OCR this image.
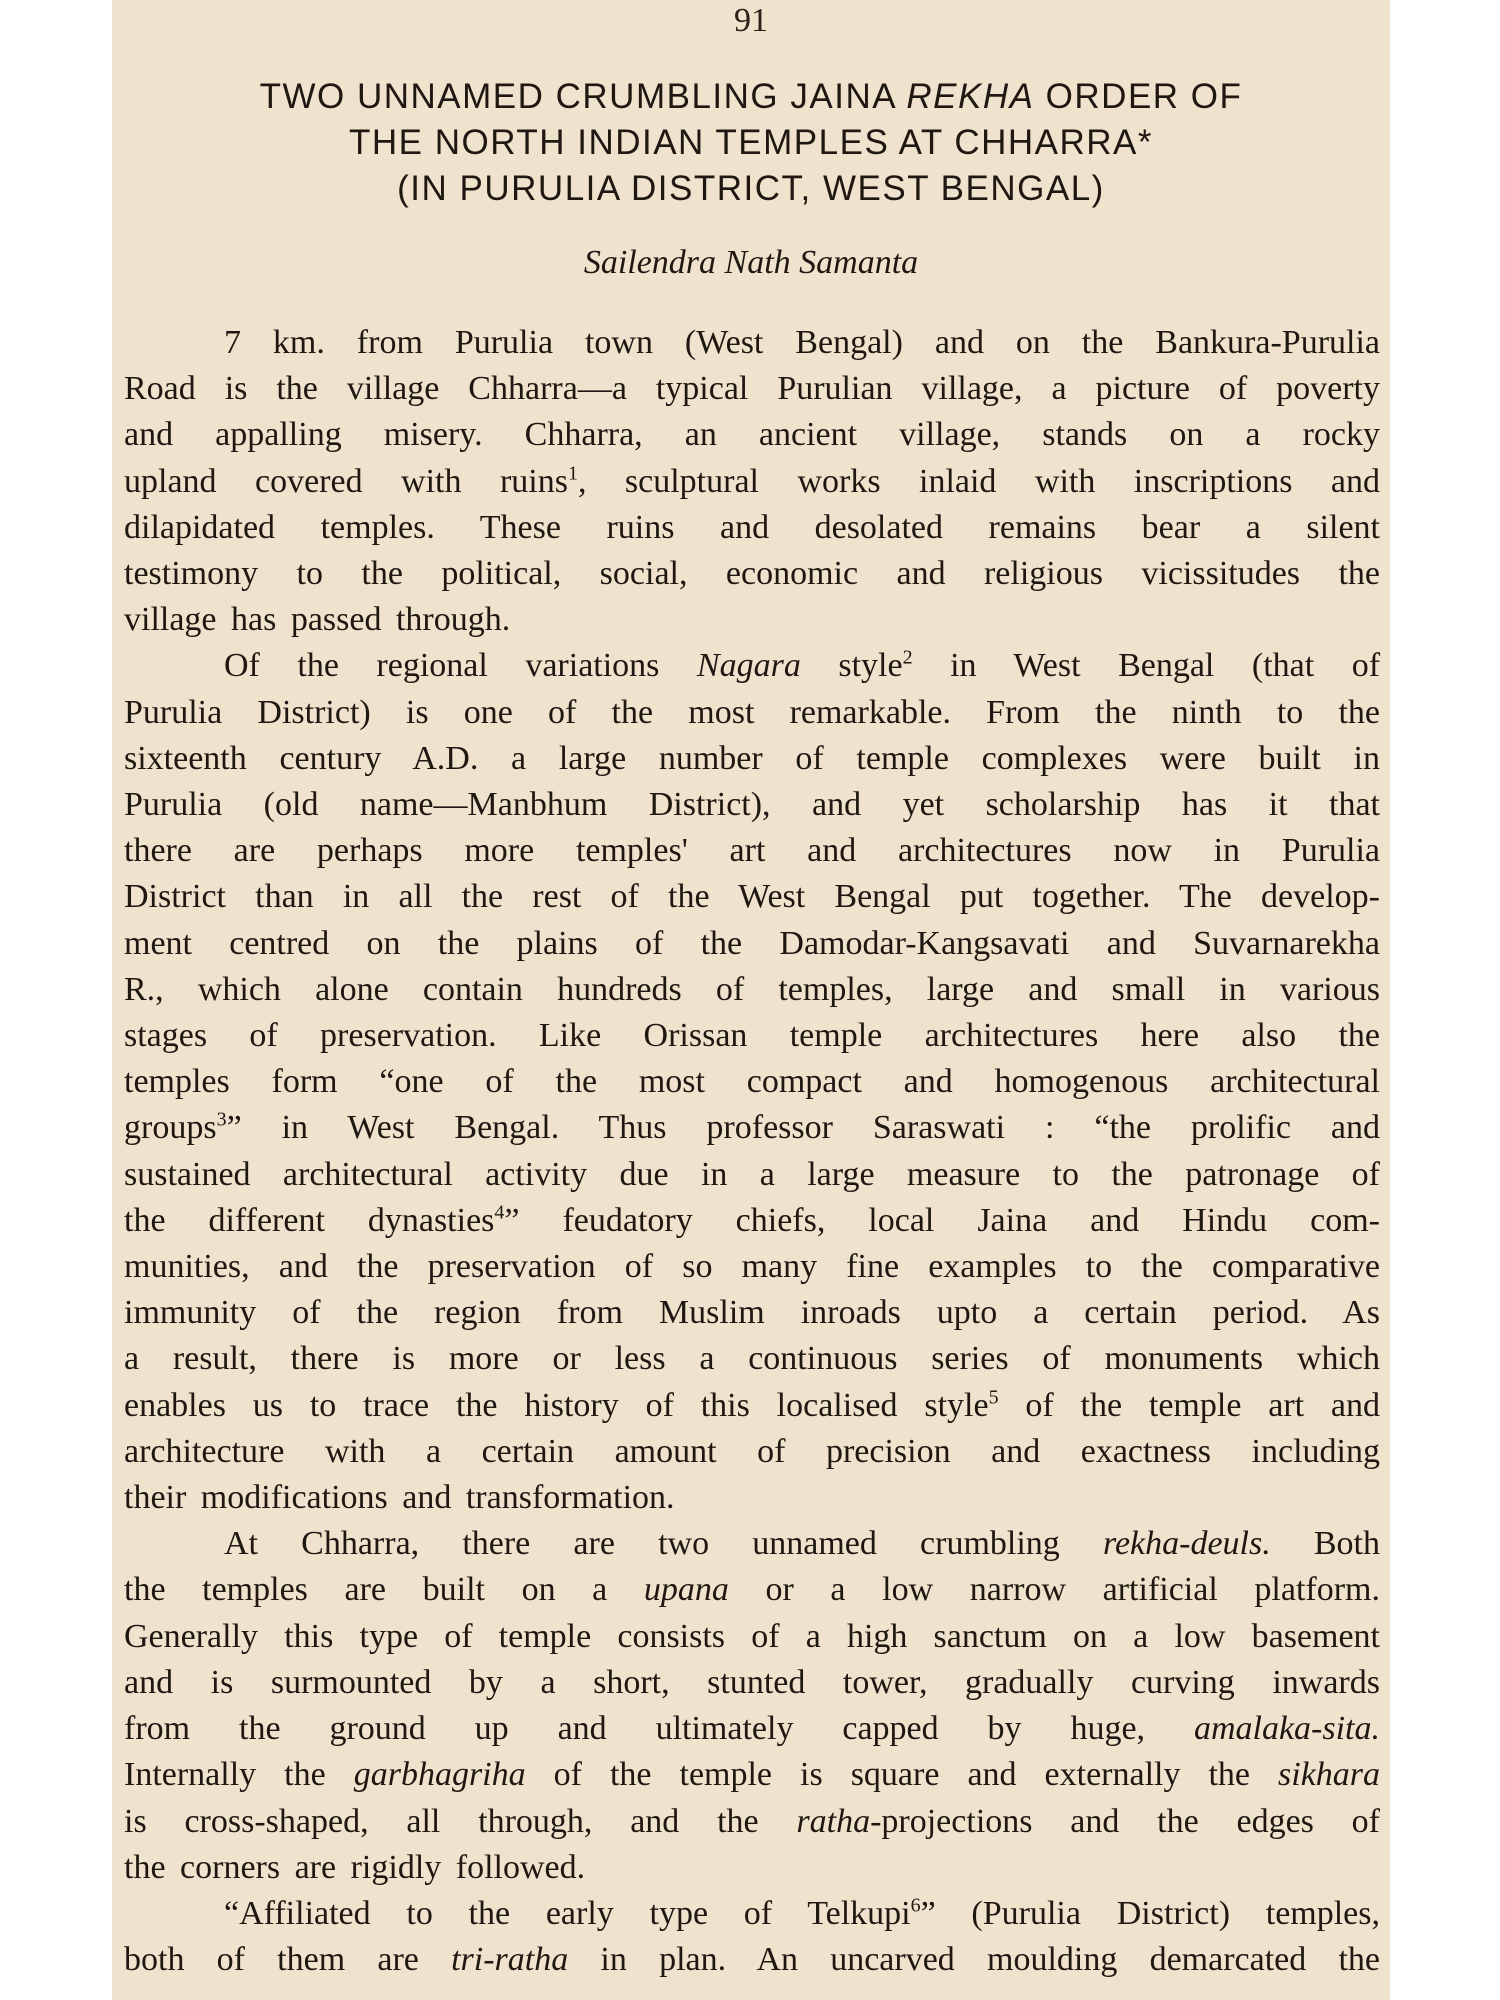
91
TWO UNNAMED CRUMBLING JAINA REKHA ORDER OF
THE NORTH INDIAN TEMPLES AT CHHARRA*
(IN PURULIA DISTRICT, WEST BENGAL)
Sailendra Nath Samanta
7 km. from Purulia town (West Bengal) and on the Bankura-Purulia
Road is the village Chharra—a typical Purulian village, a picture of poverty
and appalling misery. Chharra, an ancient village, stands on a rocky
upland covered with ruins$^1$, sculptural works inlaid with inscriptions and
dilapidated temples. These ruins and desolated remains bear a silent
testimony to the political, social, economic and religious vicissitudes the
village has passed through.
Of the regional variations Nagara style$^2$ in West Bengal (that of
Purulia District) is one of the most remarkable. From the ninth to the
sixteenth century A.D. a large number of temple complexes were built in
Purulia (old name—Manbhum District), and yet scholarship has it that
there are perhaps more temples' art and architectures now in Purulia
District than in all the rest of the West Bengal put together. The develop-
ment centred on the plains of the Damodar-Kangsavati and Suvarnarekha
R., which alone contain hundreds of temples, large and small in various
stages of preservation. Like Orissan temple architectures here also the
temples form “one of the most compact and homogenous architectural
groups$^3$” in West Bengal. Thus professor Saraswati : “the prolific and
sustained architectural activity due in a large measure to the patronage of
the different dynasties$^4$” feudatory chiefs, local Jaina and Hindu com-
munities, and the preservation of so many fine examples to the comparative
immunity of the region from Muslim inroads upto a certain period. As
a result, there is more or less a continuous series of monuments which
enables us to trace the history of this localised style$^5$ of the temple art and
architecture with a certain amount of precision and exactness including
their modifications and transformation.
At Chharra, there are two unnamed crumbling rekha-deuls. Both
the temples are built on a upana or a low narrow artificial platform.
Generally this type of temple consists of a high sanctum on a low basement
and is surmounted by a short, stunted tower, gradually curving inwards
from the ground up and ultimately capped by huge, amalaka-sita.
Internally the garbhagriha of the temple is square and externally the sikhara
is cross-shaped, all through, and the ratha-projections and the edges of
the corners are rigidly followed.
“Affiliated to the early type of Telkupi$^6$” (Purulia District) temples,
both of them are tri-ratha in plan. An uncarved moulding demarcated the
